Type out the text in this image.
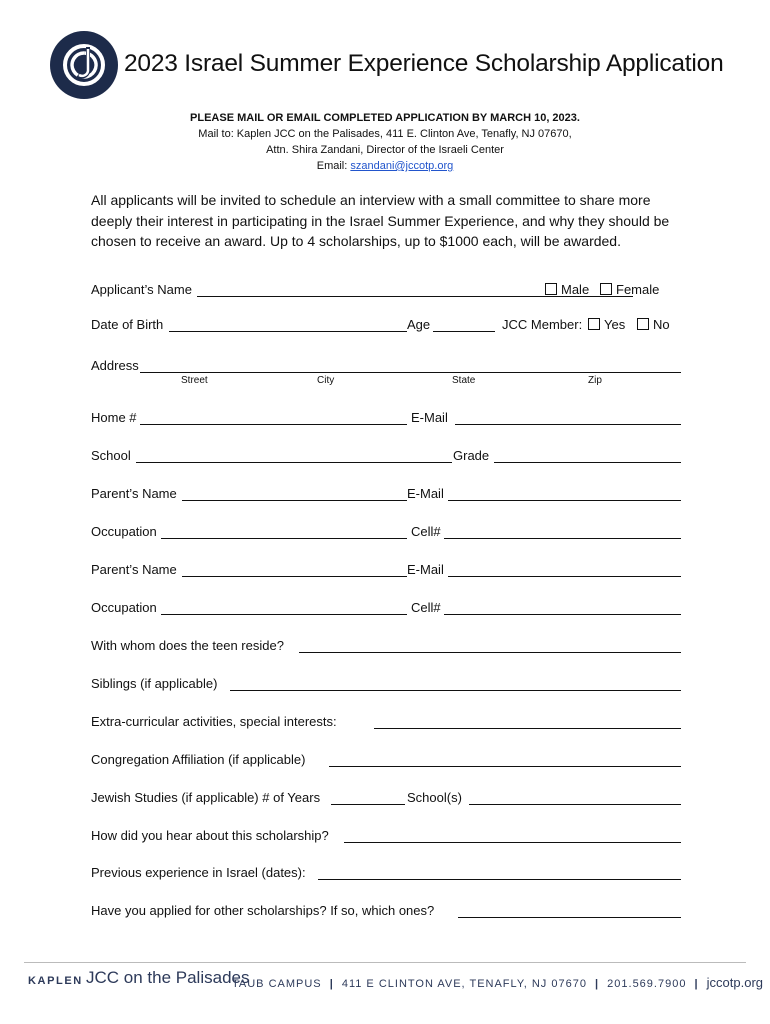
2023 Israel Summer Experience Scholarship Application
PLEASE MAIL OR EMAIL COMPLETED APPLICATION BY MARCH 10, 2023.
Mail to: Kaplen JCC on the Palisades, 411 E. Clinton Ave, Tenafly, NJ 07670,
Attn. Shira Zandani, Director of the Israeli Center
Email: szandani@jccotp.org
All applicants will be invited to schedule an interview with a small committee to share more deeply their interest in participating in the Israel Summer Experience, and why they should be chosen to receive an award. Up to 4 scholarships, up to $1000 each, will be awarded.
Applicant’s Name	Male	Female
Date of Birth	Age	JCC Member:	Yes	No
Address
Street	City	State	Zip
Home #	E-Mail
School	Grade
Parent’s Name	E-Mail
Occupation	Cell#
Parent’s Name	E-Mail
Occupation	Cell#
With whom does the teen reside?
Siblings (if applicable)
Extra-curricular activities, special interests:
Congregation Affiliation (if applicable)
Jewish Studies (if applicable) # of Years	School(s)
How did you hear about this scholarship?
Previous experience in Israel (dates):
Have you applied for other scholarships? If so, which ones?
KAPLEN JCC on the Palisades
TAUB CAMPUS | 411 E CLINTON AVE, TENAFLY, NJ 07670 | 201.569.7900 | jccotp.org
